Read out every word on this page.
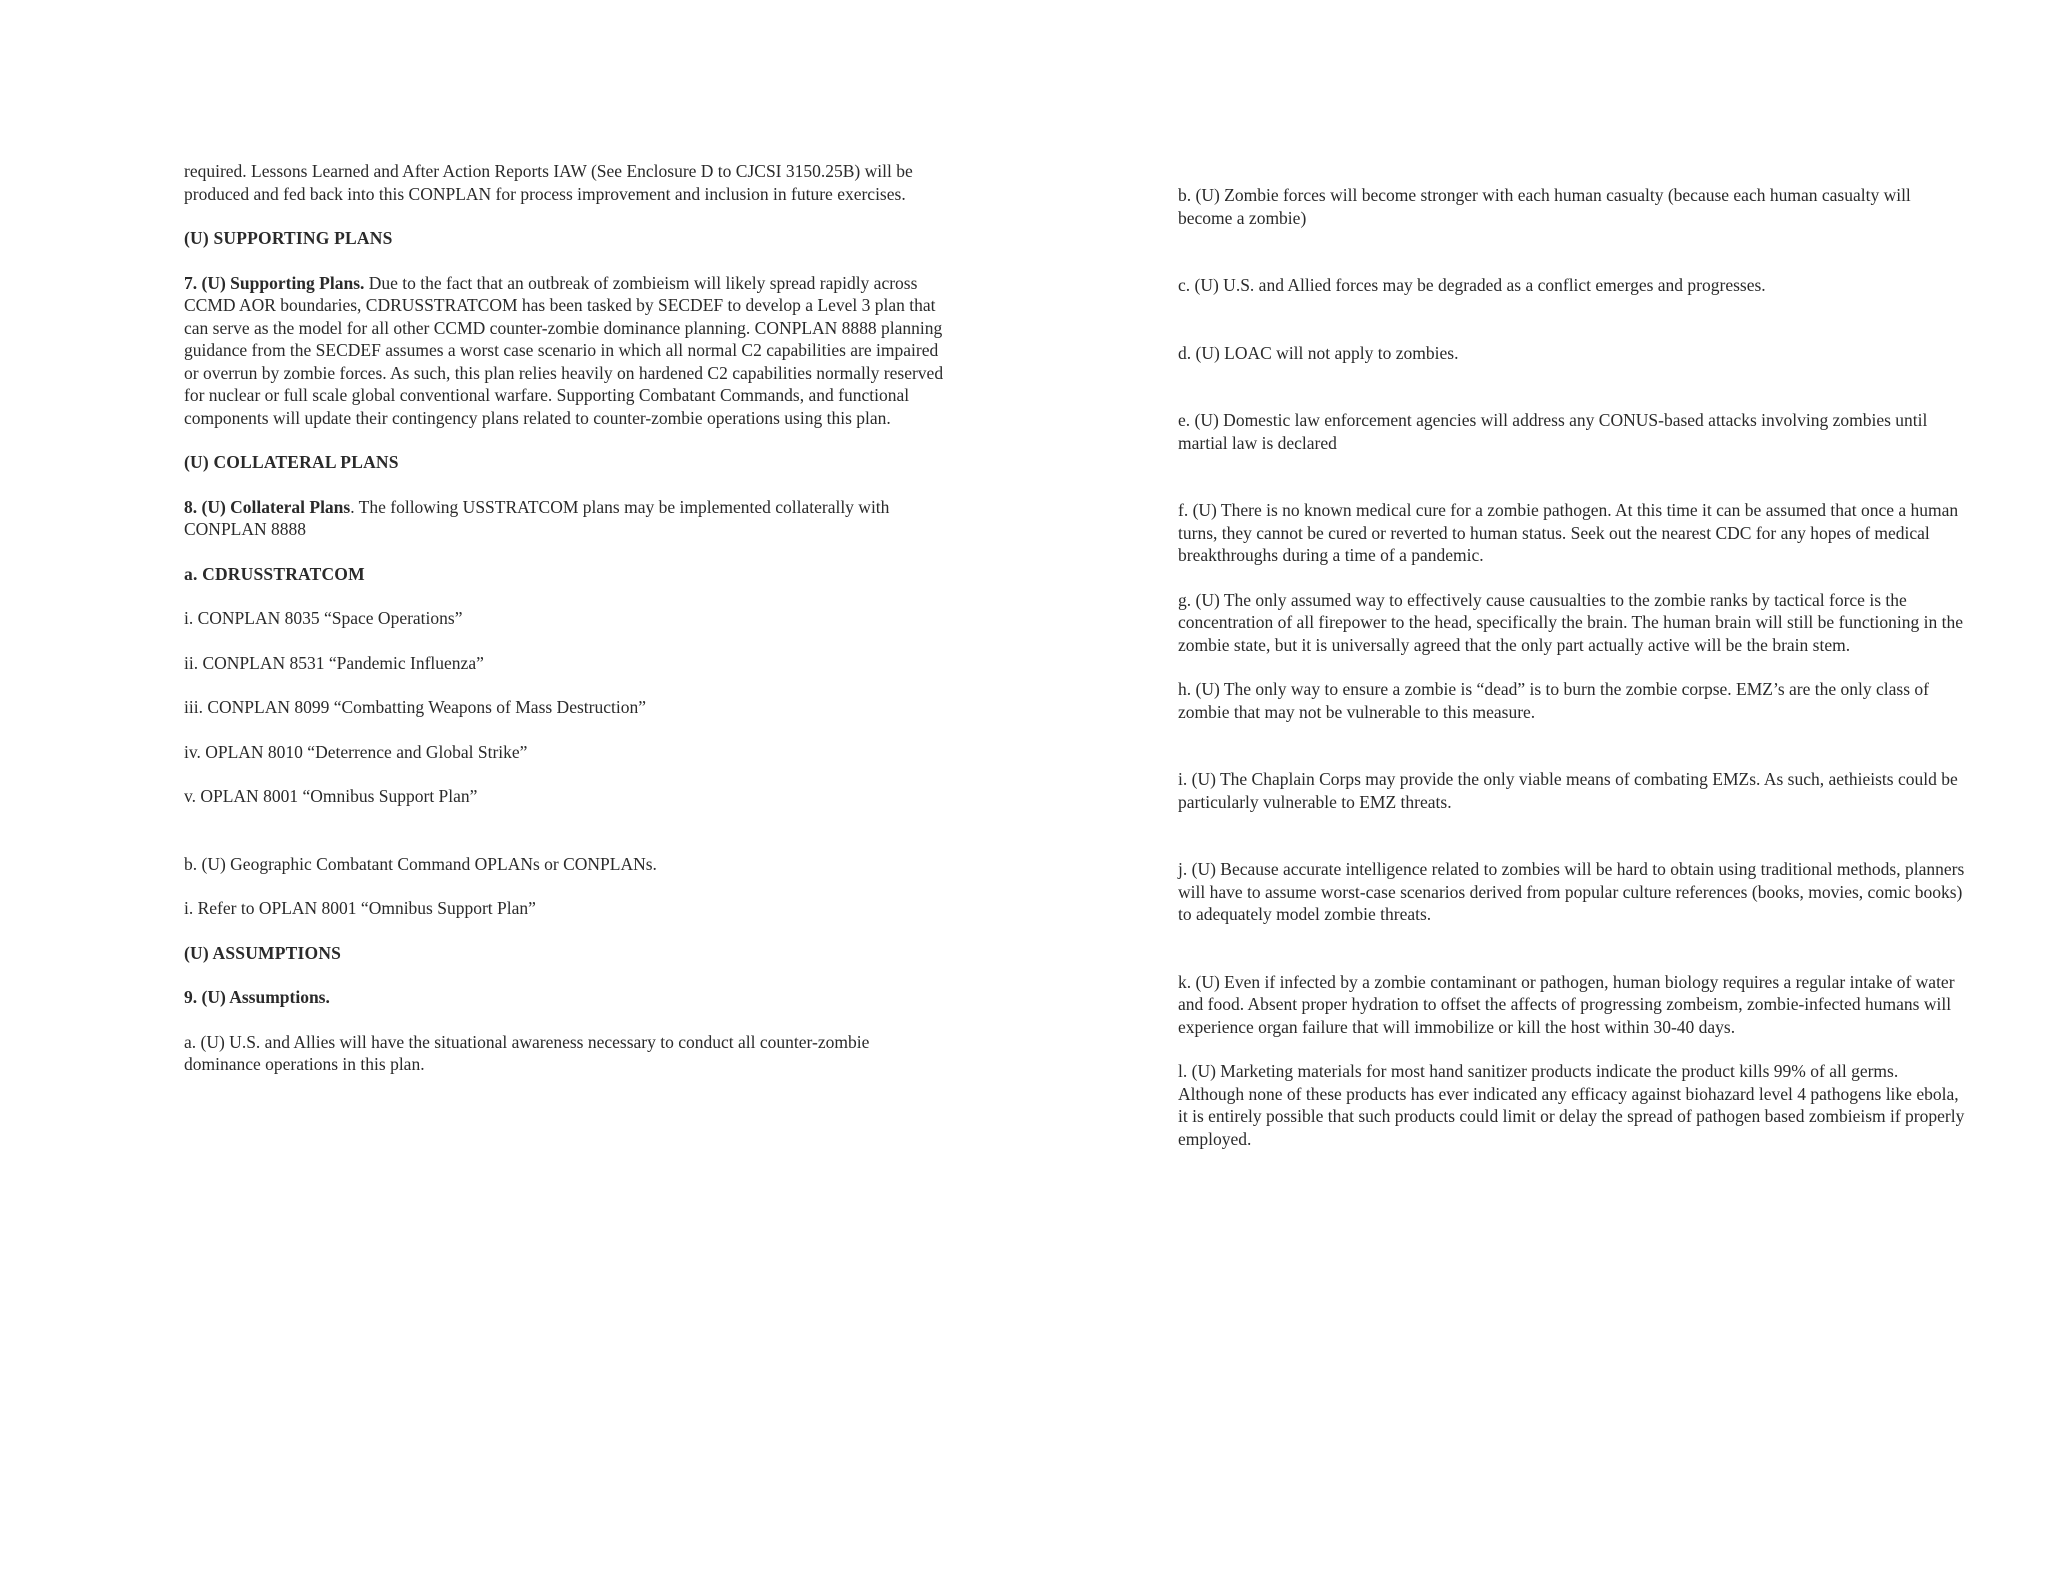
required. Lessons Learned and After Action Reports IAW (See Enclosure D to CJCSI 3150.25B) will be produced and fed back into this CONPLAN for process improvement and inclusion in future exercises.

(U) SUPPORTING PLANS

7. (U) Supporting Plans. Due to the fact that an outbreak of zombieism will likely spread rapidly across CCMD AOR boundaries, CDRUSSTRATCOM has been tasked by SECDEF to develop a Level 3 plan that can serve as the model for all other CCMD counter-zombie dominance planning. CONPLAN 8888 planning guidance from the SECDEF assumes a worst case scenario in which all normal C2 capabilities are impaired or overrun by zombie forces. As such, this plan relies heavily on hardened C2 capabilities normally reserved for nuclear or full scale global conventional warfare. Supporting Combatant Commands, and functional components will update their contingency plans related to counter-zombie operations using this plan.

(U) COLLATERAL PLANS

8. (U) Collateral Plans. The following USSTRATCOM plans may be implemented collaterally with CONPLAN 8888

a. CDRUSSTRATCOM

i. CONPLAN 8035 “Space Operations”

ii. CONPLAN 8531 “Pandemic Influenza”

iii. CONPLAN 8099 “Combatting Weapons of Mass Destruction”

iv. OPLAN 8010 “Deterrence and Global Strike”

v. OPLAN 8001 “Omnibus Support Plan”

b. (U) Geographic Combatant Command OPLANs or CONPLANs.

i. Refer to OPLAN 8001 “Omnibus Support Plan”

(U) ASSUMPTIONS

9. (U) Assumptions.

a. (U) U.S. and Allies will have the situational awareness necessary to conduct all counter-zombie dominance operations in this plan.

b. (U) Zombie forces will become stronger with each human casualty (because each human casualty will become a zombie)

c. (U) U.S. and Allied forces may be degraded as a conflict emerges and progresses.

d. (U) LOAC will not apply to zombies.

e. (U) Domestic law enforcement agencies will address any CONUS-based attacks involving zombies until martial law is declared

f. (U) There is no known medical cure for a zombie pathogen. At this time it can be assumed that once a human turns, they cannot be cured or reverted to human status. Seek out the nearest CDC for any hopes of medical breakthroughs during a time of a pandemic.

g. (U) The only assumed way to effectively cause causualties to the zombie ranks by tactical force is the concentration of all firepower to the head, specifically the brain. The human brain will still be functioning in the zombie state, but it is universally agreed that the only part actually active will be the brain stem.

h. (U) The only way to ensure a zombie is “dead” is to burn the zombie corpse. EMZ’s are the only class of zombie that may not be vulnerable to this measure.

i. (U) The Chaplain Corps may provide the only viable means of combating EMZs. As such, aethieists could be particularly vulnerable to EMZ threats.

j. (U) Because accurate intelligence related to zombies will be hard to obtain using traditional methods, planners will have to assume worst-case scenarios derived from popular culture references (books, movies, comic books) to adequately model zombie threats.

k. (U) Even if infected by a zombie contaminant or pathogen, human biology requires a regular intake of water and food. Absent proper hydration to offset the affects of progressing zombeism, zombie-infected humans will experience organ failure that will immobilize or kill the host within 30-40 days.

l. (U) Marketing materials for most hand sanitizer products indicate the product kills 99% of all germs. Although none of these products has ever indicated any efficacy against biohazard level 4 pathogens like ebola, it is entirely possible that such products could limit or delay the spread of pathogen based zombieism if properly employed.
